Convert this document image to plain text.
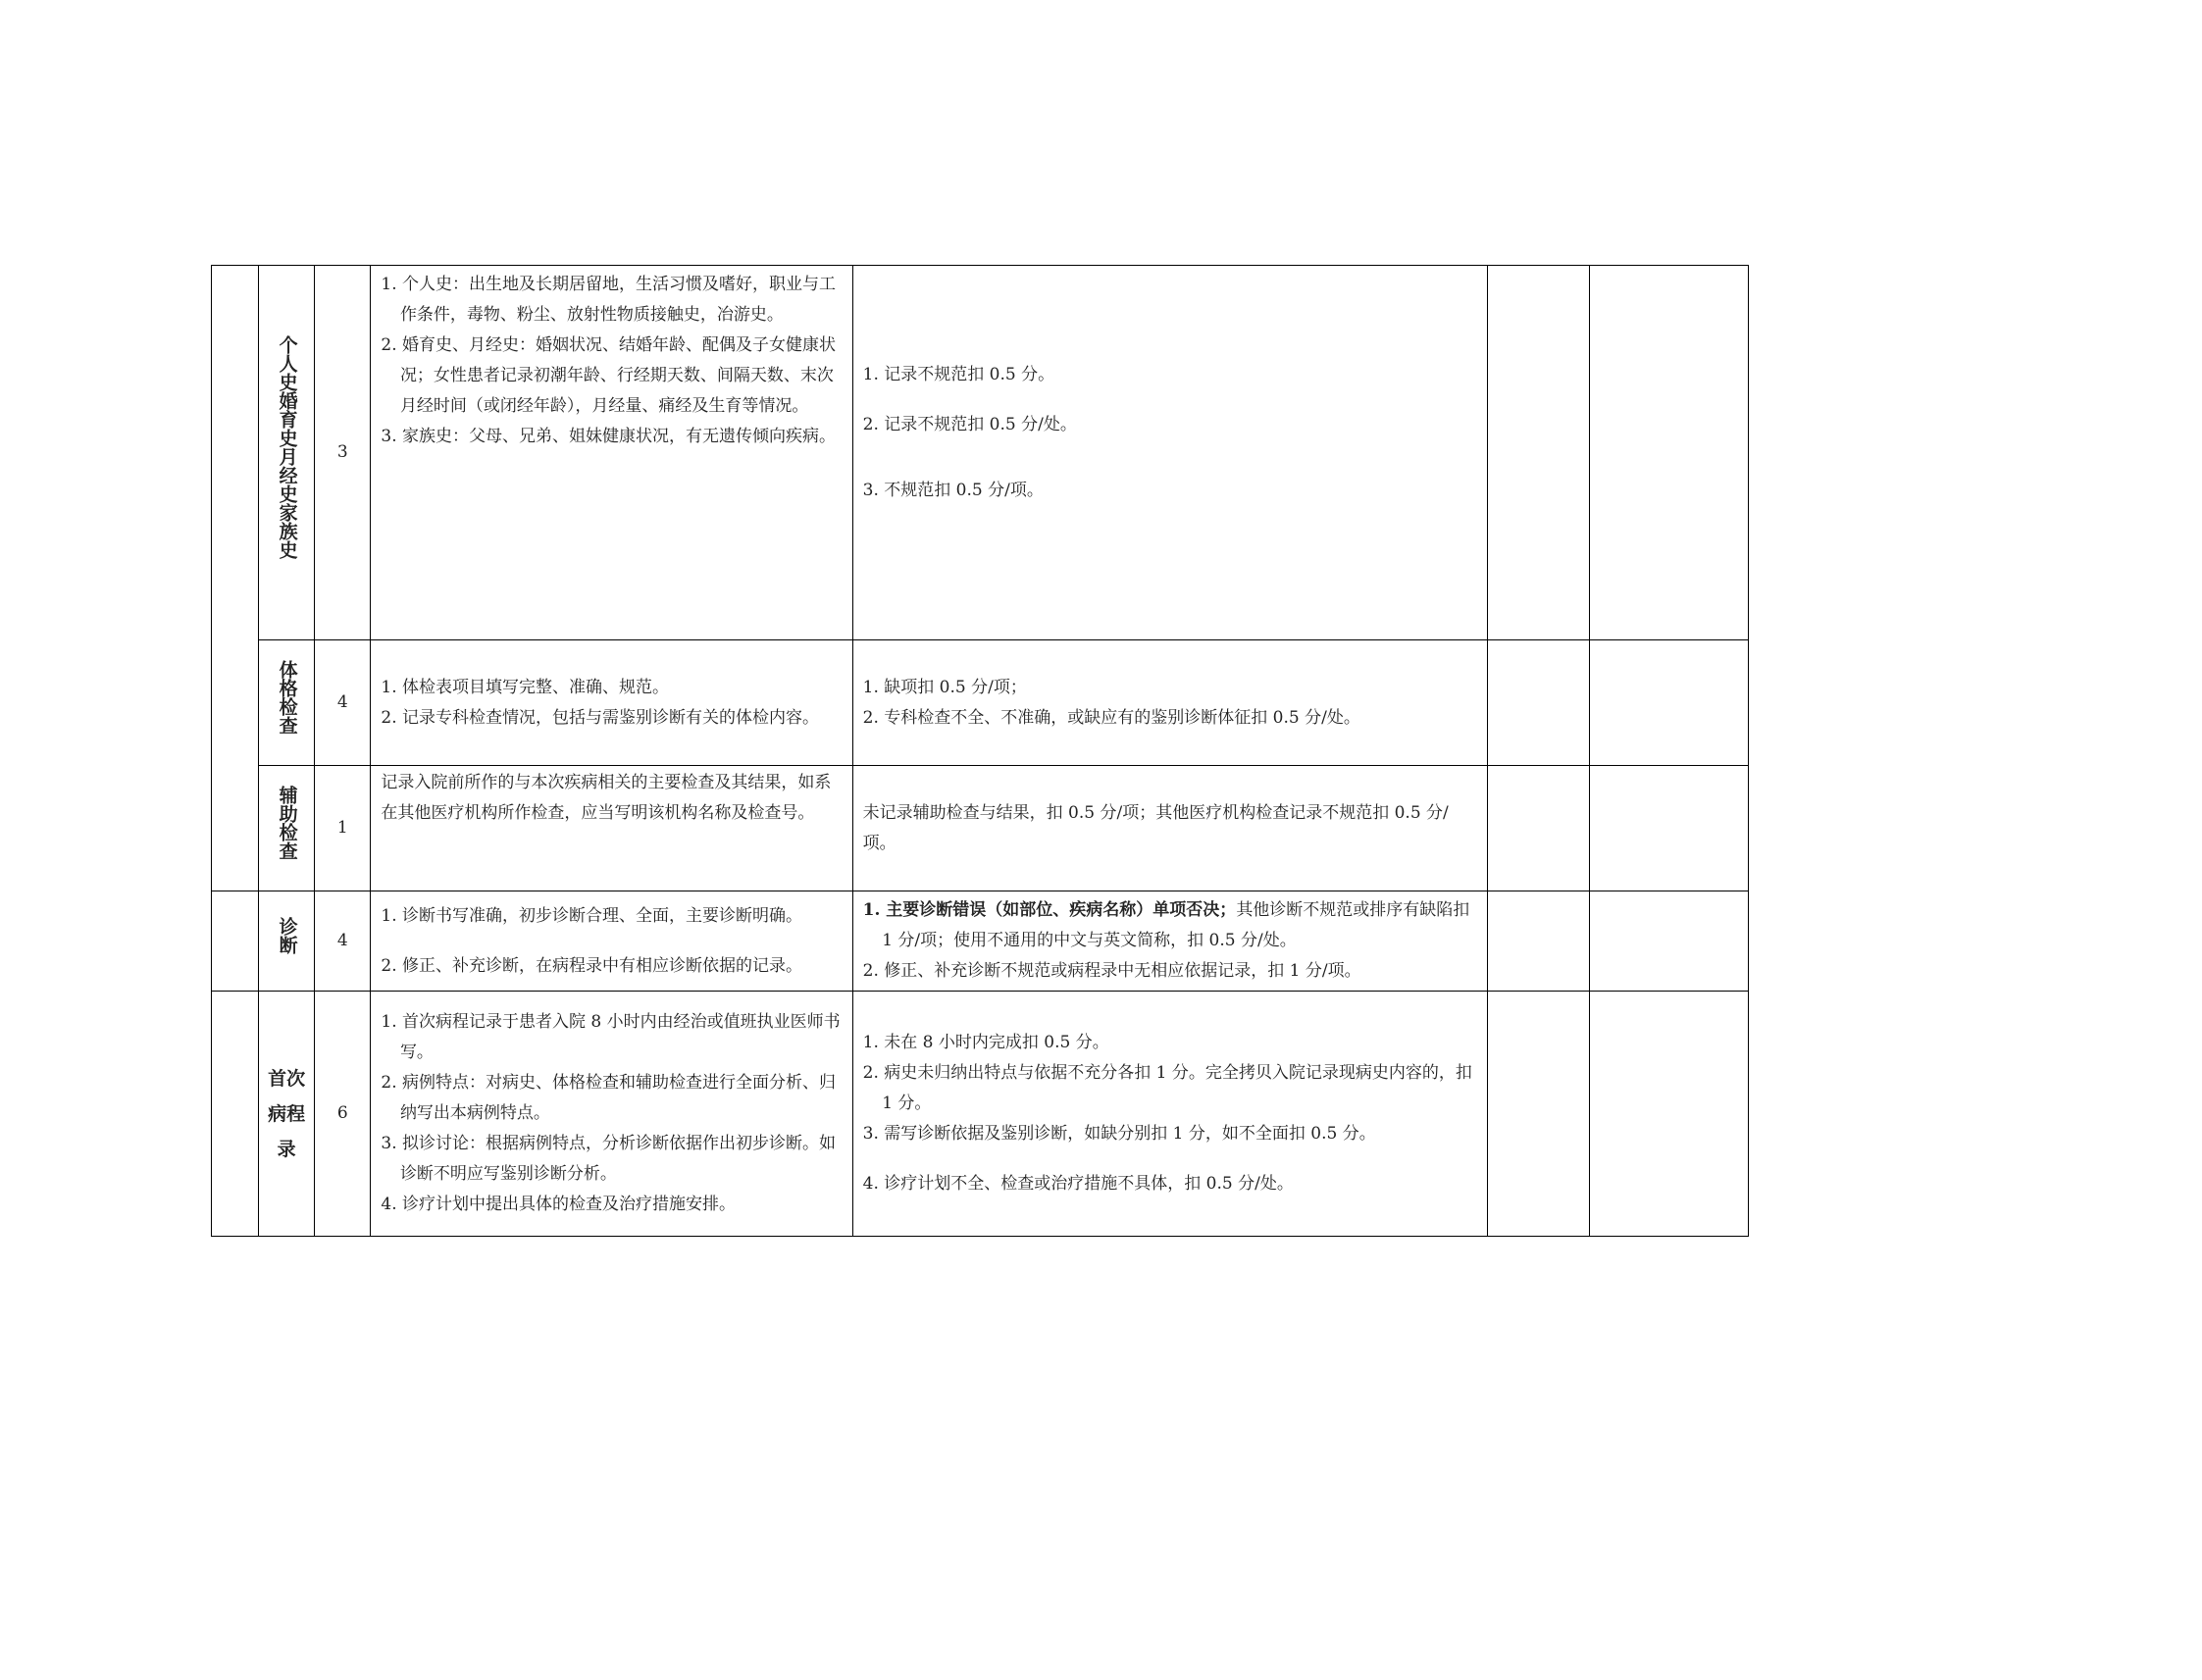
	个人史婚育史月经史家族史	3	1. 个人史：出生地及长期居留地，生活习惯及嗜好，职业与工作条件，毒物、粉尘、放射性物质接触史，冶游史。
2. 婚育史、月经史：婚姻状况、结婚年龄、配偶及子女健康状况；女性患者记录初潮年龄、行经期天数、间隔天数、末次月经时间（或闭经年龄），月经量、痛经及生育等情况。
3. 家族史：父母、兄弟、姐妹健康状况，有无遗传倾向疾病。	1. 记录不规范扣 0.5 分。
2. 记录不规范扣 0.5 分/处。
3. 不规范扣 0.5 分/项。		

	体格检查	4	1. 体检表项目填写完整、准确、规范。
2. 记录专科检查情况，包括与需鉴别诊断有关的体检内容。	1. 缺项扣 0.5 分/项；
2. 专科检查不全、不准确，或缺应有的鉴别诊断体征扣 0.5 分/处。		

	辅助检查	1	记录入院前所作的与本次疾病相关的主要检查及其结果，如系在其他医疗机构所作检查，应当写明该机构名称及检查号。	未记录辅助检查与结果，扣 0.5 分/项；其他医疗机构检查记录不规范扣 0.5 分/项。		

	诊断	4	1. 诊断书写准确，初步诊断合理、全面，主要诊断明确。
2. 修正、补充诊断，在病程录中有相应诊断依据的记录。	1. 主要诊断错误（如部位、疾病名称）单项否决；其他诊断不规范或排序有缺陷扣 1 分/项；使用不通用的中文与英文简称，扣 0.5 分/处。
2. 修正、补充诊断不规范或病程录中无相应依据记录，扣 1 分/项。		

	首次病程录	6	1. 首次病程记录于患者入院 8 小时内由经治或值班执业医师书写。
2. 病例特点：对病史、体格检查和辅助检查进行全面分析、归纳写出本病例特点。
3. 拟诊讨论：根据病例特点，分析诊断依据作出初步诊断。如诊断不明应写鉴别诊断分析。
4. 诊疗计划中提出具体的检查及治疗措施安排。	1. 未在 8 小时内完成扣 0.5 分。
2. 病史未归纳出特点与依据不充分各扣 1 分。完全拷贝入院记录现病史内容的，扣 1 分。
3. 需写诊断依据及鉴别诊断，如缺分别扣 1 分，如不全面扣 0.5 分。
4. 诊疗计划不全、检查或治疗措施不具体，扣 0.5 分/处。		
